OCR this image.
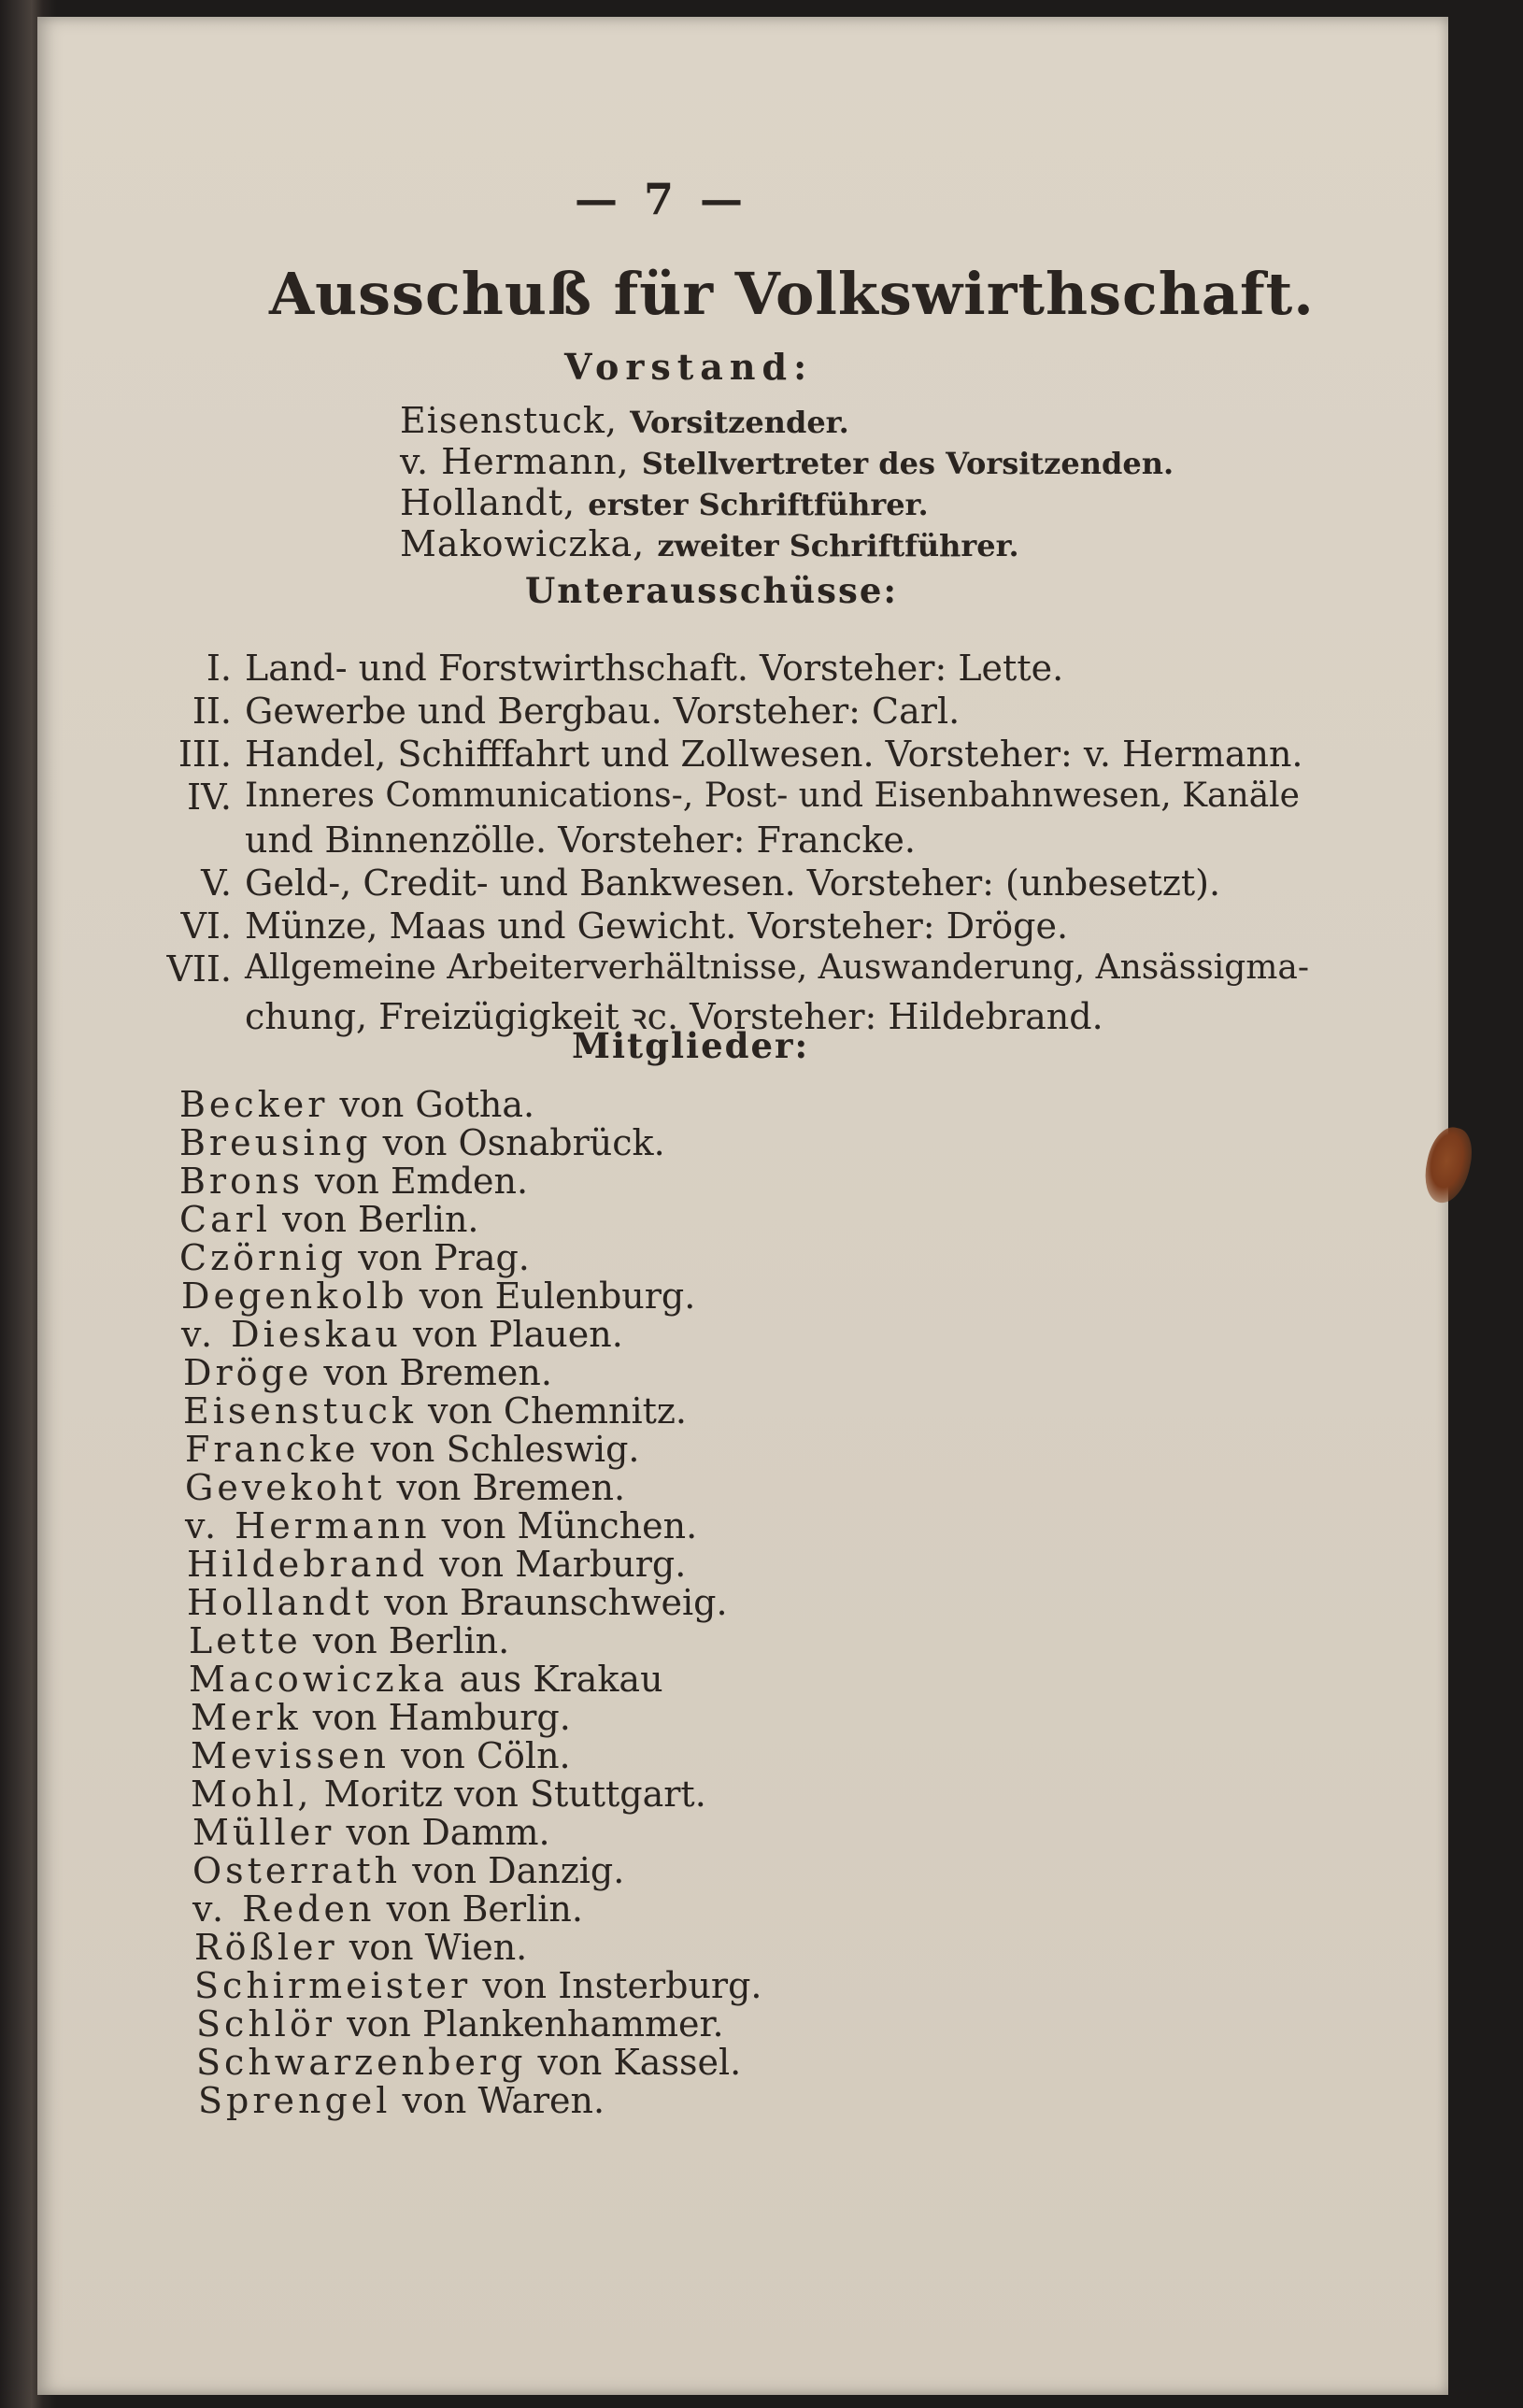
— 7 —
Ausschuß für Volkswirthschaft.
Vorstand:
Eisenstuck, Vorsitzender.
v. Hermann, Stellvertreter des Vorsitzenden.
Hollandt, erster Schriftführer.
Makowiczka, zweiter Schriftführer.
Unterausschüsse:
I. Land- und Forstwirthschaft. Vorsteher: Lette.
II. Gewerbe und Bergbau. Vorsteher: Carl.
III. Handel, Schifffahrt und Zollwesen. Vorsteher: v. Hermann.
IV. Inneres Communications-, Post- und Eisenbahnwesen, Kanäle
und Binnenzölle. Vorsteher: Francke.
V. Geld-, Credit- und Bankwesen. Vorsteher: (unbesetzt).
VI. Münze, Maas und Gewicht. Vorsteher: Dröge.
VII. Allgemeine Arbeiterverhältnisse, Auswanderung, Ansässigma-
chung, Freizügigkeit ꝛc. Vorsteher: Hildebrand.
Mitglieder:
Becker von Gotha.
Breusing von Osnabrück.
Brons von Emden.
Carl von Berlin.
Czörnig von Prag.
Degenkolb von Eulenburg.
v. Dieskau von Plauen.
Dröge von Bremen.
Eisenstuck von Chemnitz.
Francke von Schleswig.
Gevekoht von Bremen.
v. Hermann von München.
Hildebrand von Marburg.
Hollandt von Braunschweig.
Lette von Berlin.
Macowiczka aus Krakau
Merk von Hamburg.
Mevissen von Cöln.
Mohl, Moritz von Stuttgart.
Müller von Damm.
Osterrath von Danzig.
v. Reden von Berlin.
Rößler von Wien.
Schirmeister von Insterburg.
Schlör von Plankenhammer.
Schwarzenberg von Kassel.
Sprengel von Waren.
